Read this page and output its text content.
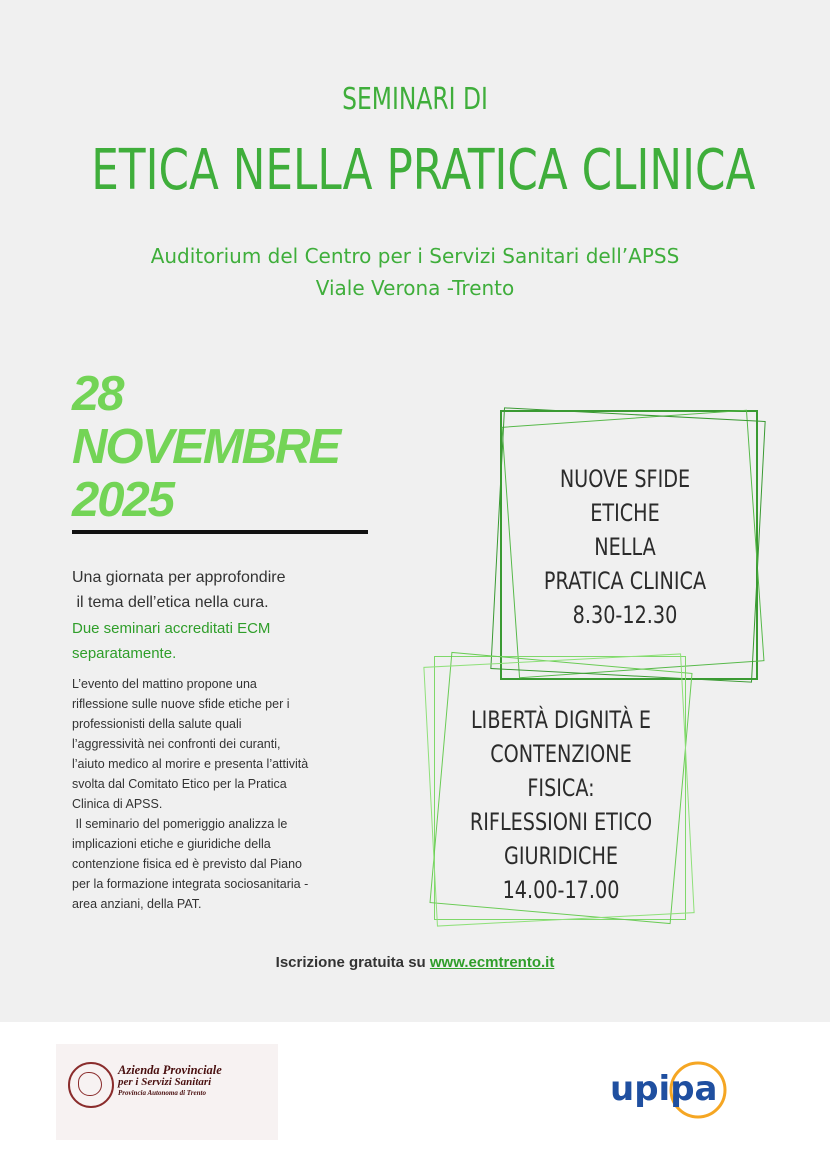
SEMINARI DI
ETICA NELLA PRATICA CLINICA
Auditorium del Centro per i Servizi Sanitari dell’APSS
Viale Verona -Trento
28
NOVEMBRE
2025
Una giornata per approfondire
il tema dell’etica nella cura.
Due seminari accreditati ECM
separatamente.

L’evento del mattino propone una
riflessione sulle nuove sfide etiche per i
professionisti della salute quali
l’aggressività nei confronti dei curanti,
l’aiuto medico al morire e presenta l’attività
svolta dal Comitato Etico per la Pratica
Clinica di APSS.

Il seminario del pomeriggio analizza le
implicazioni etiche e giuridiche della
contenzione fisica ed è previsto dal Piano
per la formazione integrata sociosanitaria -
area anziani, della PAT.

NUOVE SFIDE ETICHE
NELLA
PRATICA CLINICA
8.30-12.30
LIBERTÀ DIGNITÀ E
CONTENZIONE FISICA:
RIFLESSIONI ETICO
GIURIDICHE
14.00-17.00
Iscrizione gratuita su www.ecmtrento.it
Azienda Provinciale
per i Servizi Sanitari
Provincia Autonoma di Trento	upipa
